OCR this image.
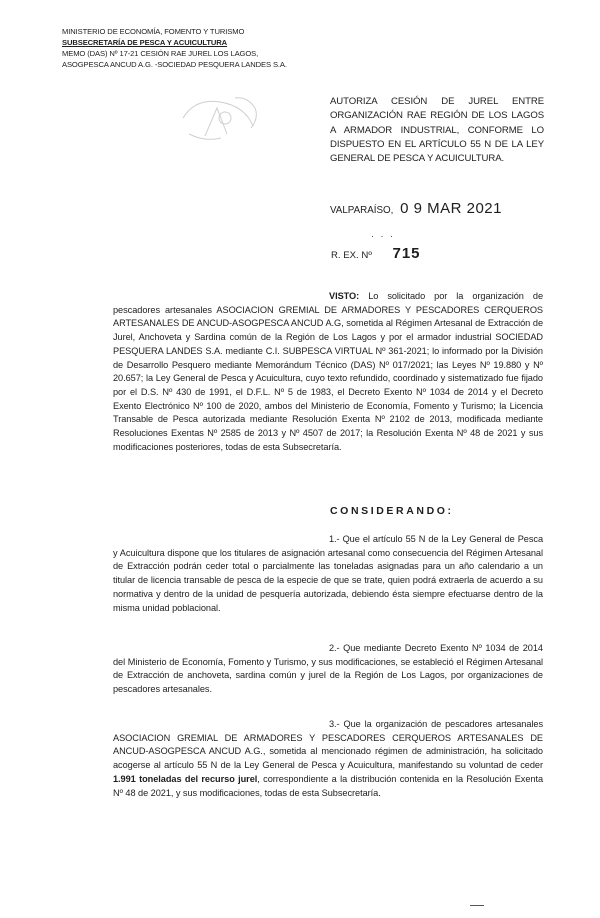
MINISTERIO DE ECONOMÍA, FOMENTO Y TURISMO
SUBSECRETARÍA DE PESCA Y ACUICULTURA
MEMO (DAS) Nº 17-21 CESIÓN RAE JUREL LOS LAGOS,
ASOGPESCA ANCUD A.G. -SOCIEDAD PESQUERA LANDES S.A.
AUTORIZA CESIÓN DE JUREL ENTRE ORGANIZACIÓN RAE REGIÓN DE LOS LAGOS A ARMADOR INDUSTRIAL, CONFORME LO DISPUESTO EN EL ARTÍCULO 55 N DE LA LEY GENERAL DE PESCA Y ACUICULTURA.
VALPARAÍSO, 0 9 MAR 2021
· · ·
R. EX. Nº 715

VISTO: Lo solicitado por la organización de pescadores artesanales ASOCIACION GREMIAL DE ARMADORES Y PESCADORES CERQUEROS ARTESANALES DE ANCUD-ASOGPESCA ANCUD A.G, sometida al Régimen Artesanal de Extracción de Jurel, Anchoveta y Sardina común de la Región de Los Lagos y por el armador industrial SOCIEDAD PESQUERA LANDES S.A. mediante C.I. SUBPESCA VIRTUAL Nº 361-2021; lo informado por la División de Desarrollo Pesquero mediante Memorándum Técnico (DAS) Nº 017/2021; las Leyes Nº 19.880 y Nº 20.657; la Ley General de Pesca y Acuicultura, cuyo texto refundido, coordinado y sistematizado fue fijado por el D.S. Nº 430 de 1991, el D.F.L. Nº 5 de 1983, el Decreto Exento Nº 1034 de 2014 y el Decreto Exento Electrónico Nº 100 de 2020, ambos del Ministerio de Economía, Fomento y Turismo; la Licencia Transable de Pesca autorizada mediante Resolución Exenta Nº 2102 de 2013, modificada mediante Resoluciones Exentas Nº 2585 de 2013 y Nº 4507 de 2017; la Resolución Exenta Nº 48 de 2021 y sus modificaciones posteriores, todas de esta Subsecretaría.

CONSIDERANDO:

1.- Que el artículo 55 N de la Ley General de Pesca y Acuicultura dispone que los titulares de asignación artesanal como consecuencia del Régimen Artesanal de Extracción podrán ceder total o parcialmente las toneladas asignadas para un año calendario a un titular de licencia transable de pesca de la especie de que se trate, quien podrá extraerla de acuerdo a su normativa y dentro de la unidad de pesquería autorizada, debiendo ésta siempre efectuarse dentro de la misma unidad poblacional.

2.- Que mediante Decreto Exento Nº 1034 de 2014 del Ministerio de Economía, Fomento y Turismo, y sus modificaciones, se estableció el Régimen Artesanal de Extracción de anchoveta, sardina común y jurel de la Región de Los Lagos, por organizaciones de pescadores artesanales.

3.- Que la organización de pescadores artesanales ASOCIACION GREMIAL DE ARMADORES Y PESCADORES CERQUEROS ARTESANALES DE ANCUD-ASOGPESCA ANCUD A.G., sometida al mencionado régimen de administración, ha solicitado acogerse al artículo 55 N de la Ley General de Pesca y Acuicultura, manifestando su voluntad de ceder 1.991 toneladas del recurso jurel, correspondiente a la distribución contenida en la Resolución Exenta Nº 48 de 2021, y sus modificaciones, todas de esta Subsecretaría.
